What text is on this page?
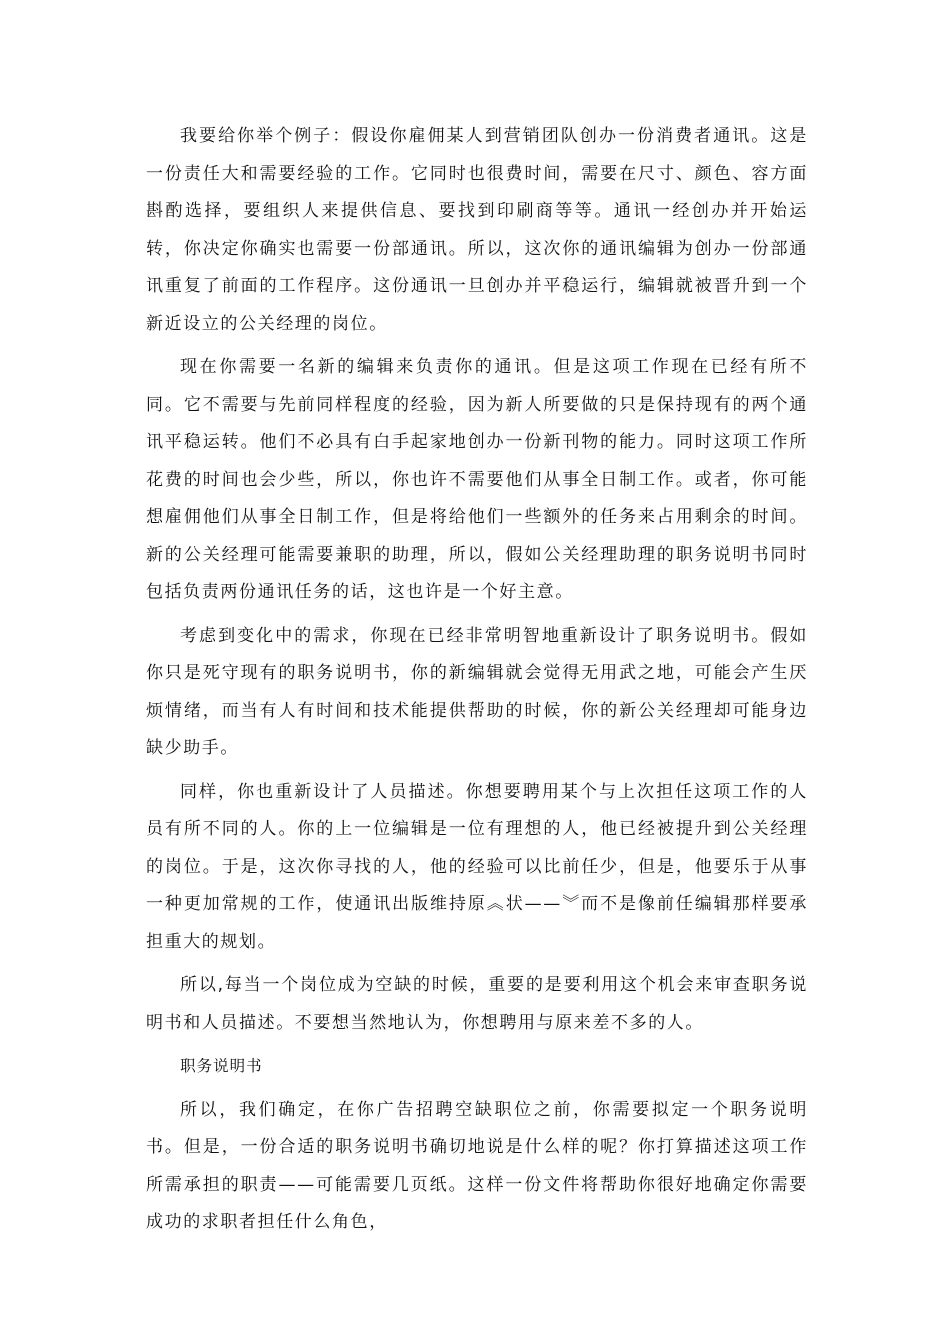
我要给你举个例子：假设你雇佣某人到营销团队创办一份消费者通讯。这是一份责任大和需要经验的工作。它同时也很费时间，需要在尺寸、颜色、容方面斟酌选择，要组织人来提供信息、要找到印刷商等等。通讯一经创办并开始运转，你决定你确实也需要一份部通讯。所以，这次你的通讯编辑为创办一份部通讯重复了前面的工作程序。这份通讯一旦创办并平稳运行，编辑就被晋升到一个新近设立的公关经理的岗位。

现在你需要一名新的编辑来负责你的通讯。但是这项工作现在已经有所不同。它不需要与先前同样程度的经验，因为新人所要做的只是保持现有的两个通讯平稳运转。他们不必具有白手起家地创办一份新刊物的能力。同时这项工作所花费的时间也会少些，所以，你也许不需要他们从事全日制工作。或者，你可能想雇佣他们从事全日制工作，但是将给他们一些额外的任务来占用剩余的时间。新的公关经理可能需要兼职的助理，所以，假如公关经理助理的职务说明书同时包括负责两份通讯任务的话，这也许是一个好主意。

考虑到变化中的需求，你现在已经非常明智地重新设计了职务说明书。假如你只是死守现有的职务说明书，你的新编辑就会觉得无用武之地，可能会产生厌烦情绪，而当有人有时间和技术能提供帮助的时候，你的新公关经理却可能身边缺少助手。

同样，你也重新设计了人员描述。你想要聘用某个与上次担任这项工作的人员有所不同的人。你的上一位编辑是一位有理想的人，他已经被提升到公关经理的岗位。于是，这次你寻找的人，他的经验可以比前任少，但是，他要乐于从事一种更加常规的工作，使通讯出版维持原︽状——︾而不是像前任编辑那样要承担重大的规划。

所以,每当一个岗位成为空缺的时候，重要的是要利用这个机会来审查职务说明书和人员描述。不要想当然地认为，你想聘用与原来差不多的人。

职务说明书

所以，我们确定，在你广告招聘空缺职位之前，你需要拟定一个职务说明书。但是，一份合适的职务说明书确切地说是什么样的呢？你打算描述这项工作所需承担的职责——可能需要几页纸。这样一份文件将帮助你很好地确定你需要成功的求职者担任什么角色，
